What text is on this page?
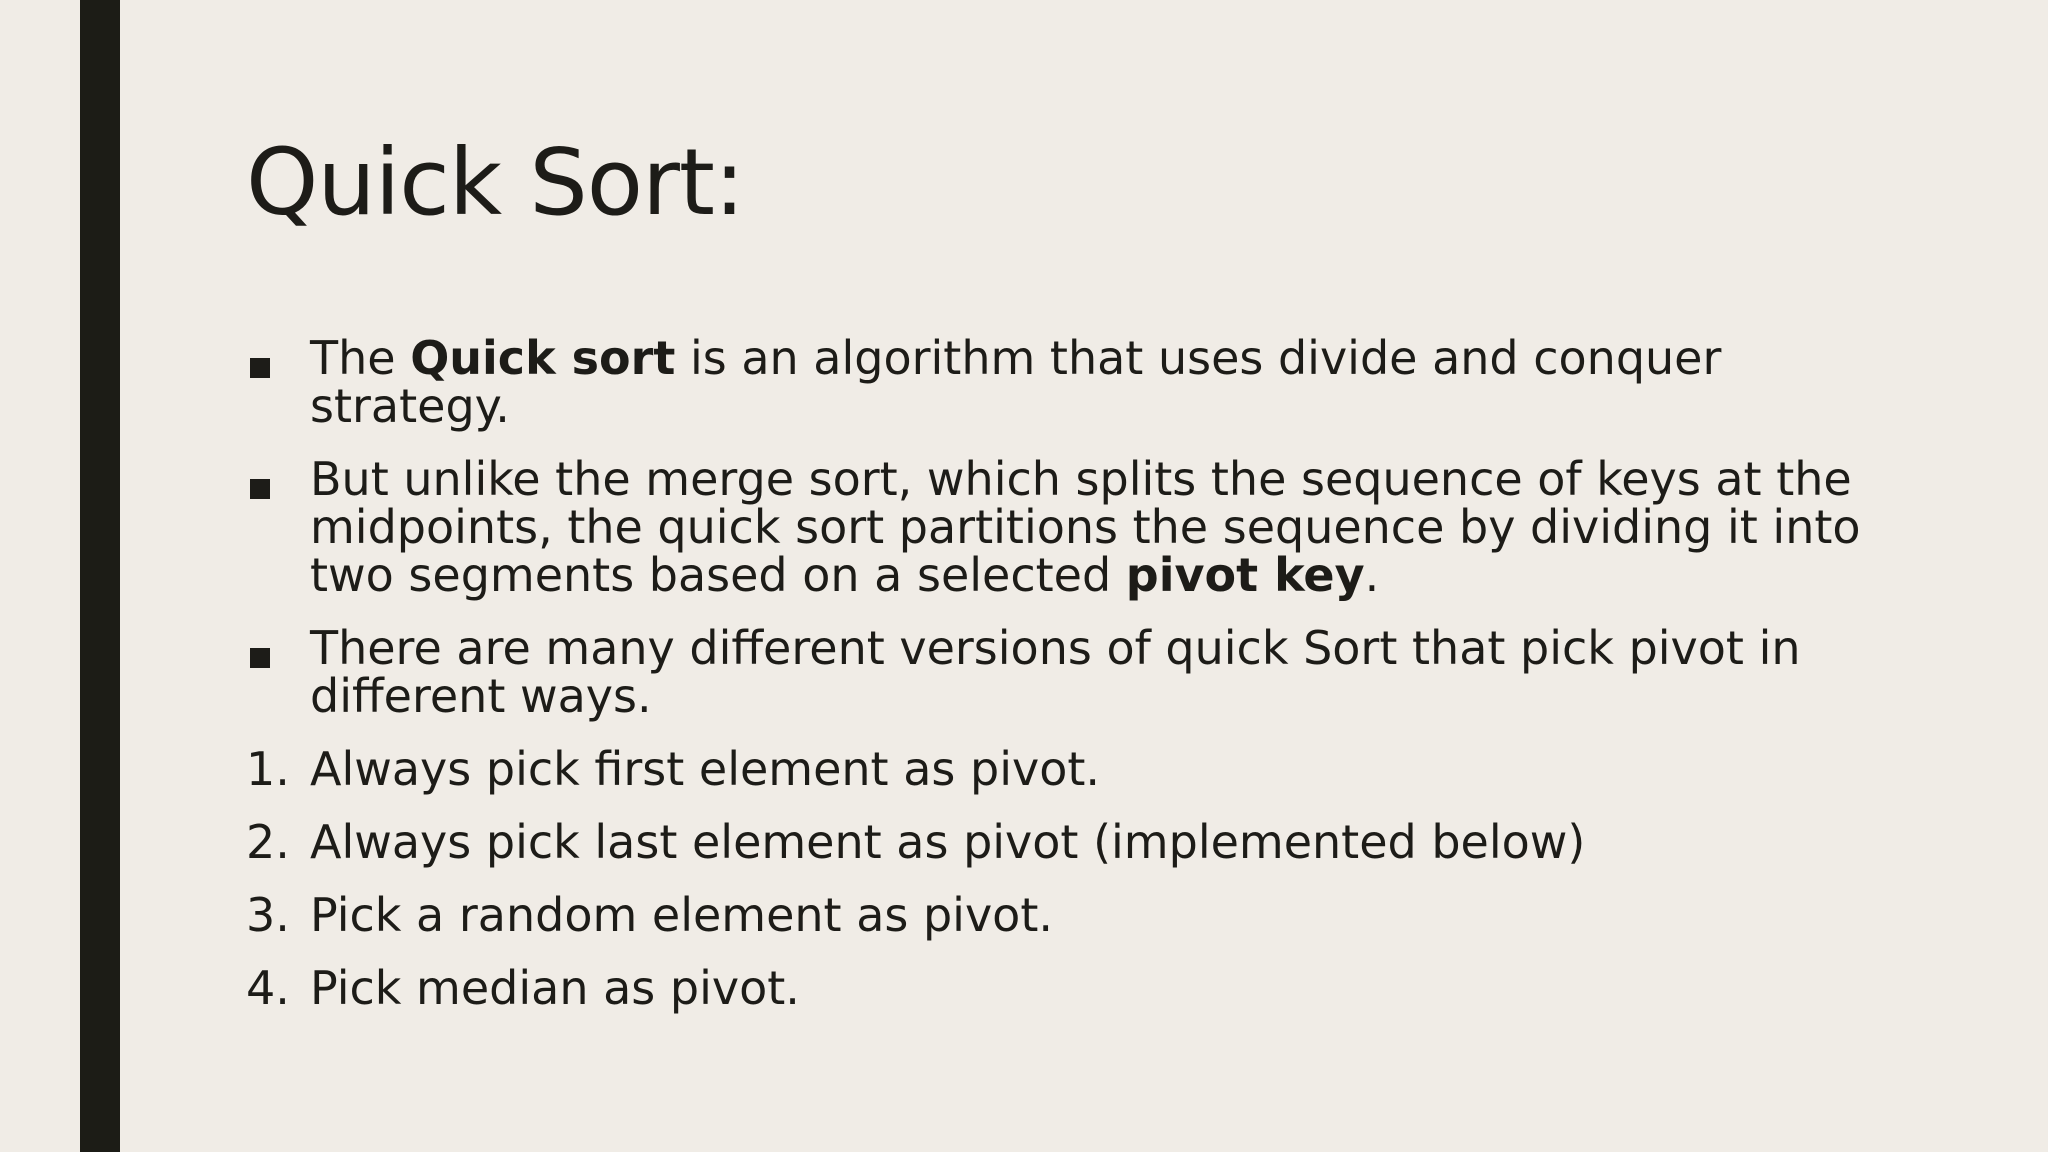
Quick Sort:
The Quick sort is an algorithm that uses divide and conquer strategy.
But unlike the merge sort, which splits the sequence of keys at the midpoints, the quick sort partitions the sequence by dividing it into two segments based on a selected pivot key.
There are many different versions of quick Sort that pick pivot in different ways.
1. Always pick first element as pivot.
2. Always pick last element as pivot (implemented below)
3. Pick a random element as pivot.
4. Pick median as pivot.
